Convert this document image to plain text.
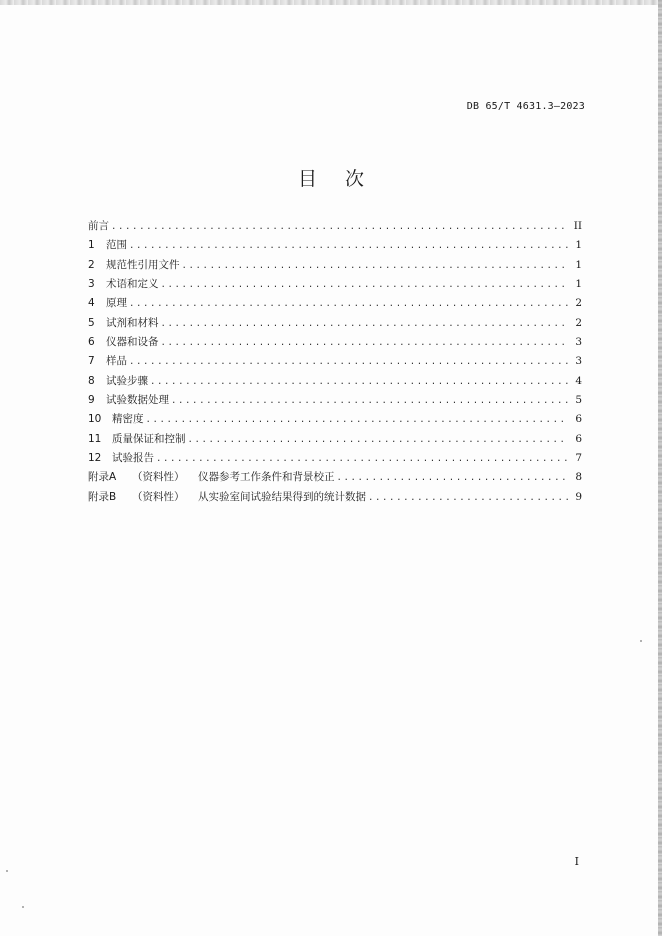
DB 65/T 4631.3—2023
目次
前言 .....	II
1	范围 .....	1
2	规范性引用文件 .....	1
3	术语和定义 .....	1
4	原理 .....	2
5	试剂和材料 .....	2
6	仪器和设备 .....	3
7	样品 .....	3
8	试验步骤 .....	4
9	试验数据处理 .....	5
10	精密度 .....	6
11	质量保证和控制 .....	6
12	试验报告 .....	7
附录A	（资料性）	仪器参考工作条件和背景校正 .....	8
附录B	（资料性）	从实验室间试验结果得到的统计数据 .....	9
I
